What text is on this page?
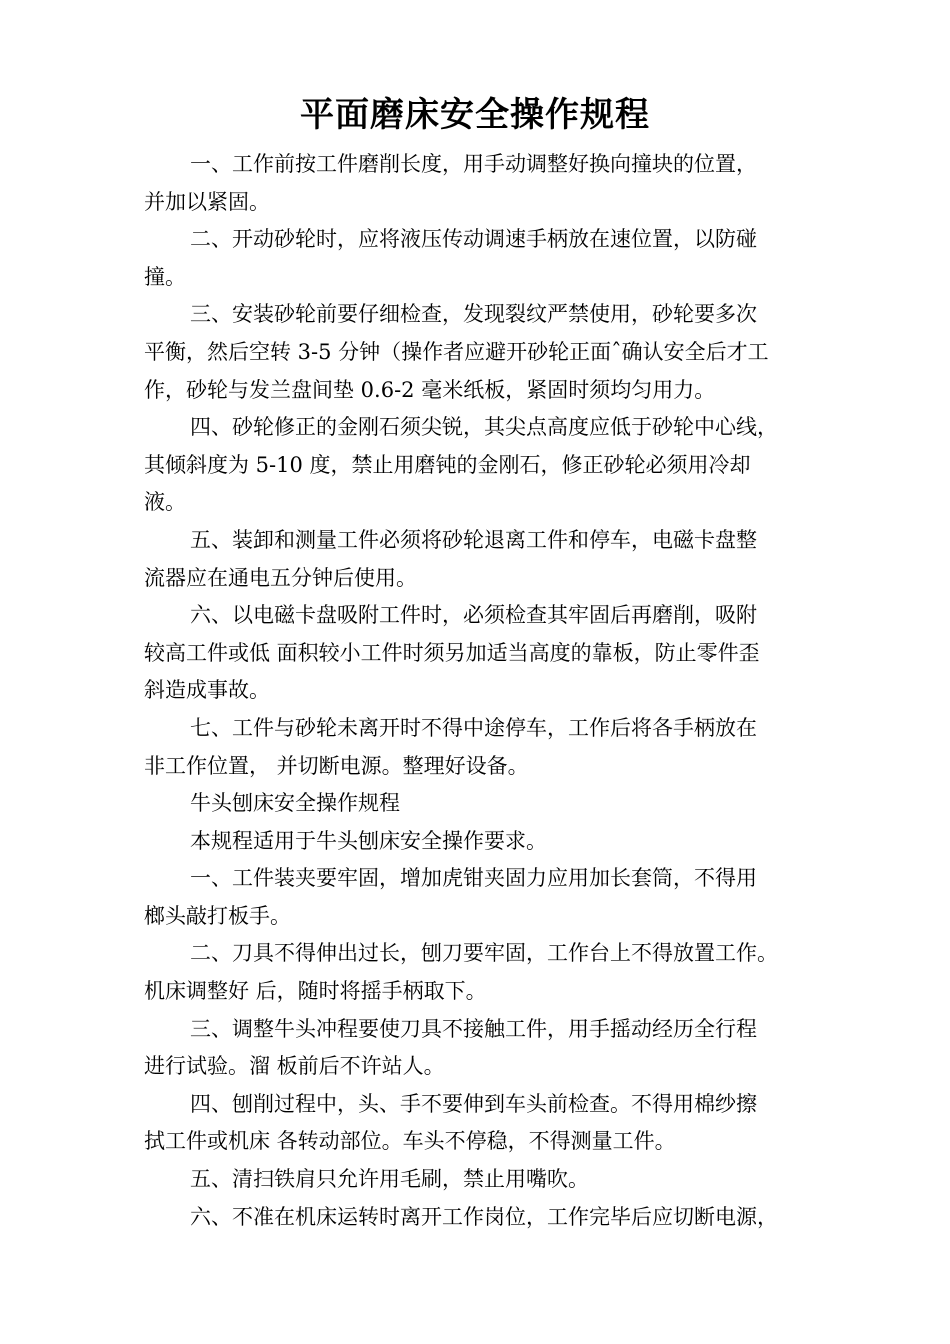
平面磨床安全操作规程
一、工作前按工件磨削长度，用手动调整好换向撞块的位置，
并加以紧固。
二、开动砂轮时，应将液压传动调速手柄放在速位置，以防碰
撞。
三、安装砂轮前要仔细检查，发现裂纹严禁使用，砂轮要多次
平衡，然后空转 3-5 分钟（操作者应避开砂轮正面ˆ确认安全后才工
作，砂轮与发兰盘间垫 0.6-2 毫米纸板，紧固时须均匀用力。
四、砂轮修正的金刚石须尖锐，其尖点高度应低于砂轮中心线，
其倾斜度为 5-10 度，禁止用磨钝的金刚石，修正砂轮必须用冷却
液。
五、装卸和测量工件必须将砂轮退离工件和停车，电磁卡盘整
流器应在通电五分钟后使用。
六、以电磁卡盘吸附工件时，必须检查其牢固后再磨削，吸附
较高工件或低 面积较小工件时须另加适当高度的靠板，防止零件歪
斜造成事故。
七、工件与砂轮未离开时不得中途停车，工作后将各手柄放在
非工作位置， 并切断电源。整理好设备。
牛头刨床安全操作规程
本规程适用于牛头刨床安全操作要求。
一、工件装夹要牢固，增加虎钳夹固力应用加长套筒，不得用
榔头敲打板手。
二、刀具不得伸出过长，刨刀要牢固，工作台上不得放置工作。
机床调整好 后，随时将摇手柄取下。
三、调整牛头冲程要使刀具不接触工件，用手摇动经历全行程
进行试验。溜 板前后不许站人。
四、刨削过程中，头、手不要伸到车头前检查。不得用棉纱擦
拭工件或机床 各转动部位。车头不停稳，不得测量工件。
五、清扫铁肩只允许用毛刷，禁止用嘴吹。
六、不准在机床运转时离开工作岗位，工作完毕后应切断电源，
